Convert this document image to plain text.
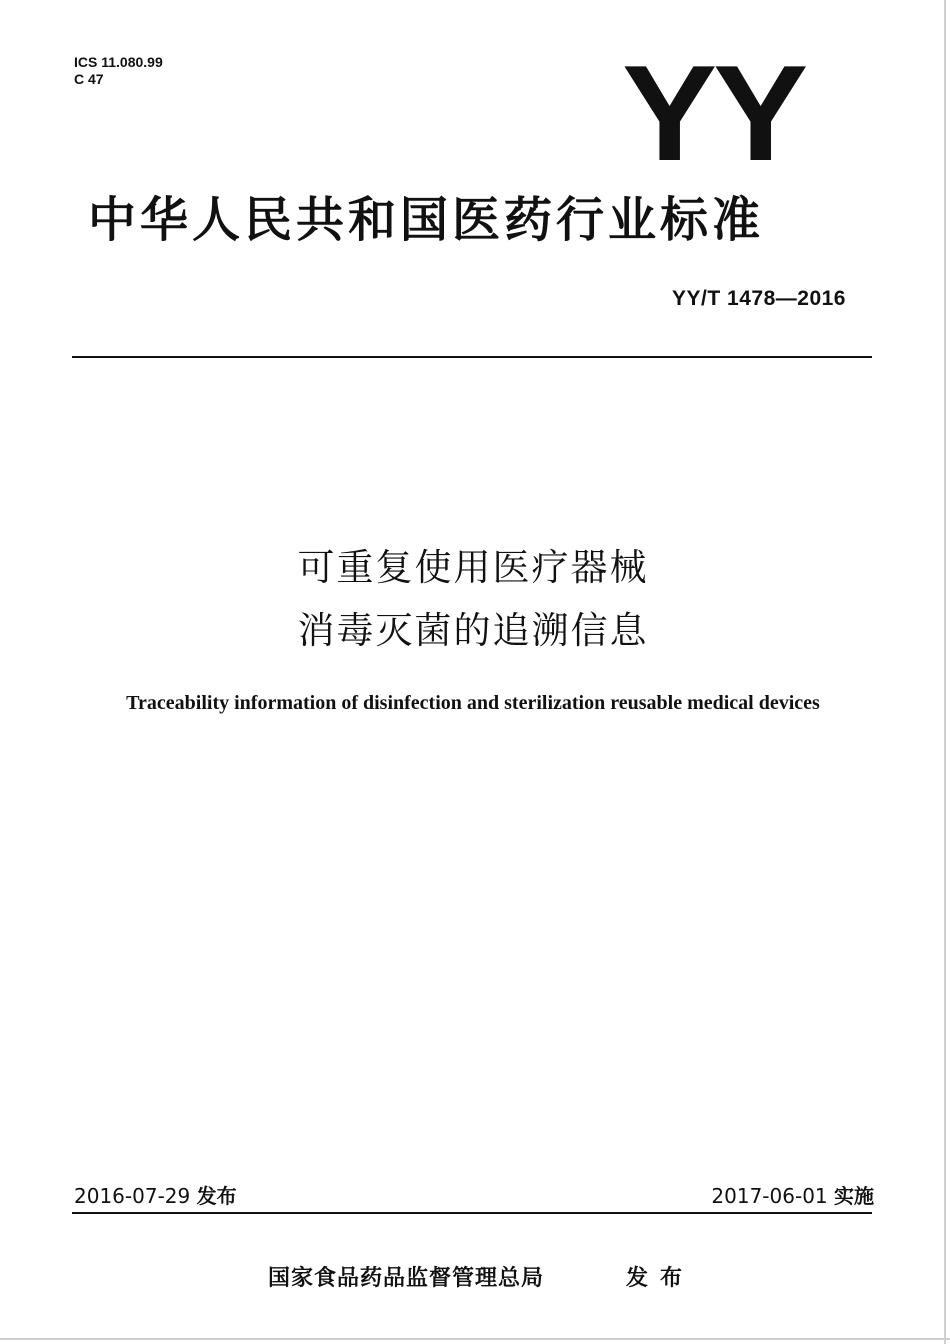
ICS 11.080.99
C 47	YY
中华人民共和国医药行业标准
YY/T 1478—2016
可重复使用医疗器械
消毒灭菌的追溯信息
Traceability information of disinfection and sterilization reusable medical devices
2016-07-29 发布	2017-06-01 实施
国家食品药品监督管理总局	发布
